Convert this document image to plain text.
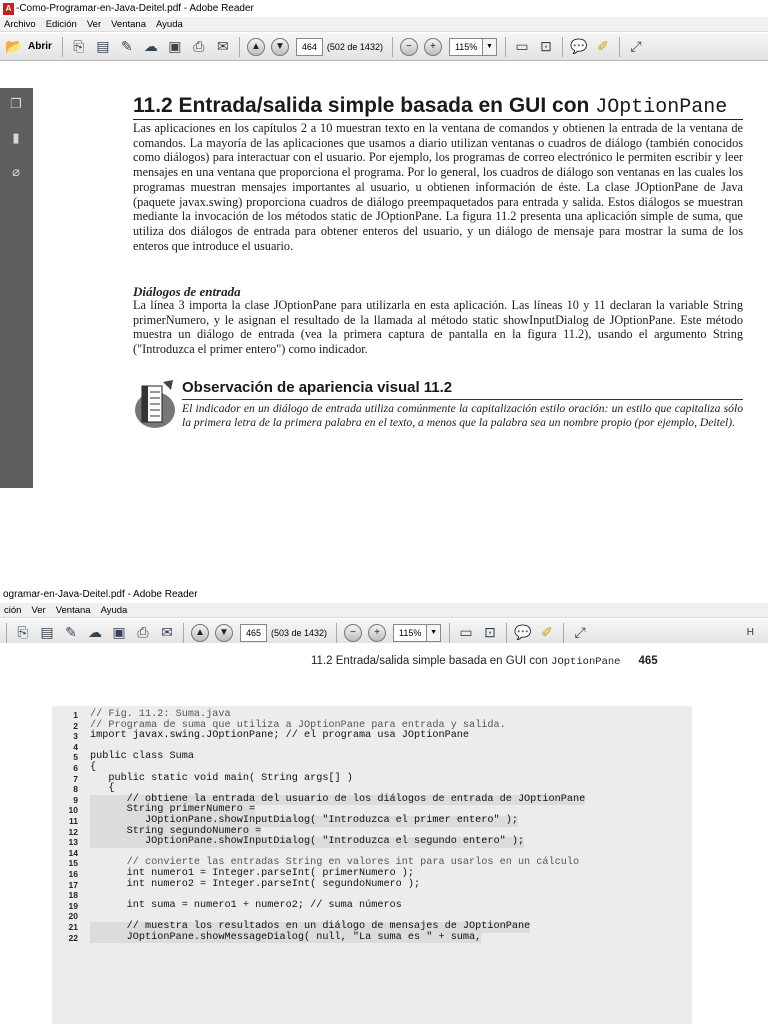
A -Como-Programar-en-Java-Deitel.pdf - Adobe Reader
Archivo Edición Ver Ventana Ayuda
📂 Abrir	⎘ ▤ ✎ ☁ ▣ ⎙ ✉	▲	▼	464	(502 de 1432)	−	+	115%	▼	▭ ⊡	💬 ✐	⤢
❐
▮
⌀
11.2 Entrada/salida simple basada en GUI con JOptionPane
Las aplicaciones en los capítulos 2 a 10 muestran texto en la ventana de comandos y obtienen la entrada de la ventana de comandos. La mayoría de las aplicaciones que usamos a diario utilizan ventanas o cuadros de diálogo (también conocidos como diálogos) para interactuar con el usuario. Por ejemplo, los programas de correo electrónico le permiten escribir y leer mensajes en una ventana que proporciona el programa. Por lo general, los cuadros de diálogo son ventanas en las cuales los programas muestran mensajes importantes al usuario, u obtienen información de éste. La clase JOptionPane de Java (paquete javax.swing) proporciona cuadros de diálogo preempaquetados para entrada y salida. Estos diálogos se muestran mediante la invocación de los métodos static de JOptionPane. La figura 11.2 presenta una aplicación simple de suma, que utiliza dos diálogos de entrada para obtener enteros del usuario, y un diálogo de mensaje para mostrar la suma de los enteros que introduce el usuario.
Diálogos de entrada
La línea 3 importa la clase JOptionPane para utilizarla en esta aplicación. Las líneas 10 y 11 declaran la variable String primerNumero, y le asignan el resultado de la llamada al método static showInputDialog de JOptionPane. Este método muestra un diálogo de entrada (vea la primera captura de pantalla en la figura 11.2), usando el argumento String ("Introduzca el primer entero") como indicador.
Observación de apariencia visual 11.2
El indicador en un diálogo de entrada utiliza comúnmente la capitalización estilo oración: un estilo que capitaliza sólo la primera letra de la primera palabra en el texto, a menos que la palabra sea un nombre propio (por ejemplo, Deitel).
ogramar-en-Java-Deitel.pdf - Adobe Reader
ción Ver Ventana Ayuda
⎘ ▤ ✎ ☁ ▣ ⎙ ✉	▲	▼	465	(503 de 1432)	−	+	115%	▼	▭ ⊡	💬 ✐	⤢	H
11.2 Entrada/salida simple basada en GUI con JOptionPane 465
1 // Fig. 11.2: Suma.java
2 // Programa de suma que utiliza a JOptionPane para entrada y salida.
3 import javax.swing.JOptionPane; // el programa usa JOptionPane
4
5 public class Suma
6 {
7 public static void main( String args[] )
8 {
9 // obtiene la entrada del usuario de los diálogos de entrada de JOptionPane
10 String primerNumero =
11 JOptionPane.showInputDialog( "Introduzca el primer entero" );
12 String segundoNumero =
13 JOptionPane.showInputDialog( "Introduzca el segundo entero" );
14
15 // convierte las entradas String en valores int para usarlos en un cálculo
16 int numero1 = Integer.parseInt( primerNumero );
17 int numero2 = Integer.parseInt( segundoNumero );
18
19 int suma = numero1 + numero2; // suma números
20
21 // muestra los resultados en un diálogo de mensajes de JOptionPane
22 JOptionPane.showMessageDialog( null, "La suma es " + suma,
